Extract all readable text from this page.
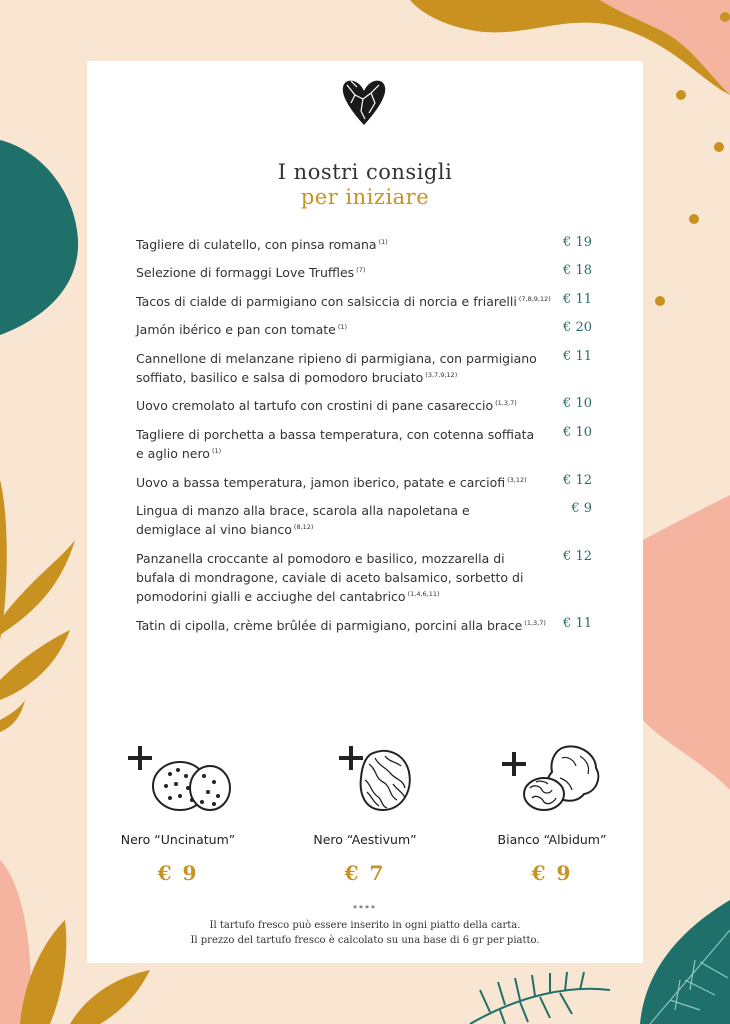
I nostri consigli
per iniziare
Tagliere di culatello, con pinsa romana $^{(1)}$	€ 19
Selezione di formaggi Love Truffles $^{(7)}$	€ 18
Tacos di cialde di parmigiano con salsiccia di norcia e friarelli $^{(7,8,9,12)}$ € 11
Jamón ibérico e pan con tomate $^{(1)}$	€ 20
Cannellone di melanzane ripieno di parmigiana, con parmigiano soffiato, basilico e salsa di pomodoro bruciato $^{(3,7,9,12)}$
€ 11
Uovo cremolato al tartufo con crostini di pane casareccio $^{(1,3,7)}$	€ 10
Tagliere di porchetta a bassa temperatura, con cotenna soffiata e aglio nero $^{(1)}$
€ 10
Uovo a bassa temperatura, jamon iberico, patate e carciofi $^{(3,12)}$	€ 12
Lingua di manzo alla brace, scarola alla napoletana e demiglace al vino bianco $^{(8,12)}$
€ 9
Panzanella croccante al pomodoro e basilico, mozzarella di bufala di mondragone, caviale di aceto balsamico, sorbetto di pomodorini gialli e acciughe del cantabrico $^{(1,4,6,11)}$
€ 12
Tatin di cipolla, crème brûlée di parmigiano, porcini alla brace $^{(1,3,7)}$ € 11
Nero “Uncinatum”
€ 9
Nero “Aestivum”
€ 7
Bianco “Albidum”
€ 9
****
Il tartufo fresco può essere inserito in ogni piatto della carta.
Il prezzo del tartufo fresco è calcolato su una base di 6 gr per piatto.
